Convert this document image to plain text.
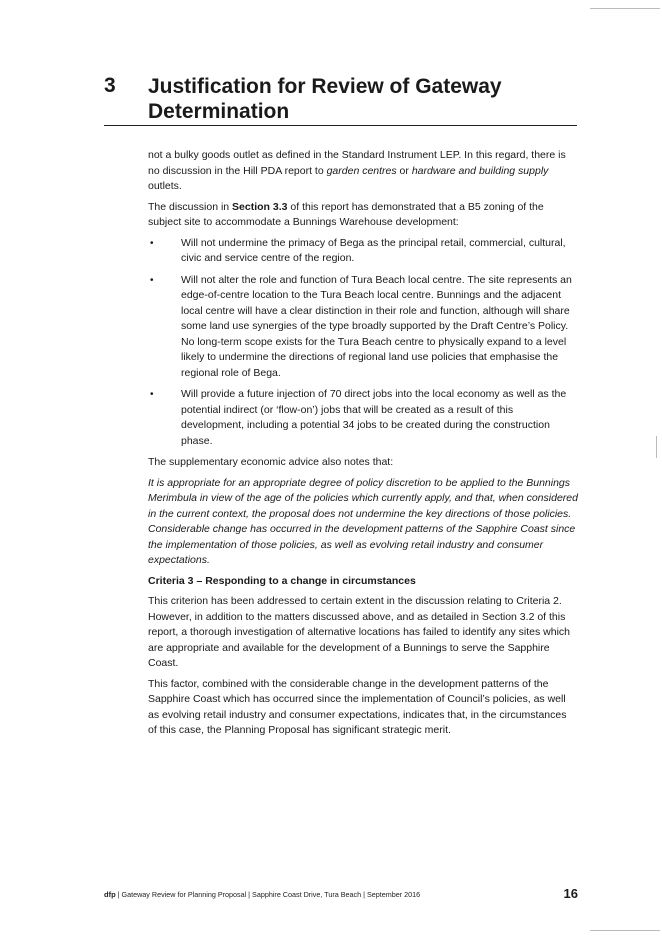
3 Justification for Review of Gateway Determination

not a bulky goods outlet as defined in the Standard Instrument LEP. In this regard, there is no discussion in the Hill PDA report to garden centres or hardware and building supply outlets.

The discussion in Section 3.3 of this report has demonstrated that a B5 zoning of the subject site to accommodate a Bunnings Warehouse development:

•	Will not undermine the primacy of Bega as the principal retail, commercial, cultural, civic and service centre of the region.
•	Will not alter the role and function of Tura Beach local centre. The site represents an edge-of-centre location to the Tura Beach local centre. Bunnings and the adjacent local centre will have a clear distinction in their role and function, although will share some land use synergies of the type broadly supported by the Draft Centre’s Policy. No long-term scope exists for the Tura Beach centre to physically expand to a level likely to undermine the directions of regional land use policies that emphasise the regional role of Bega.
•	Will provide a future injection of 70 direct jobs into the local economy as well as the potential indirect (or ‘flow-on’) jobs that will be created as a result of this development, including a potential 34 jobs to be created during the construction phase.

The supplementary economic advice also notes that:

It is appropriate for an appropriate degree of policy discretion to be applied to the Bunnings Merimbula in view of the age of the policies which currently apply, and that, when considered in the current context, the proposal does not undermine the key directions of those policies. Considerable change has occurred in the development patterns of the Sapphire Coast since the implementation of those policies, as well as evolving retail industry and consumer expectations.

Criteria 3 – Responding to a change in circumstances

This criterion has been addressed to certain extent in the discussion relating to Criteria 2. However, in addition to the matters discussed above, and as detailed in Section 3.2 of this report, a thorough investigation of alternative locations has failed to identify any sites which are appropriate and available for the development of a Bunnings to serve the Sapphire Coast.

This factor, combined with the considerable change in the development patterns of the Sapphire Coast which has occurred since the implementation of Council’s policies, as well as evolving retail industry and consumer expectations, indicates that, in the circumstances of this case, the Planning Proposal has significant strategic merit.

dfp | Gateway Review for Planning Proposal | Sapphire Coast Drive, Tura Beach | September 2016	16
